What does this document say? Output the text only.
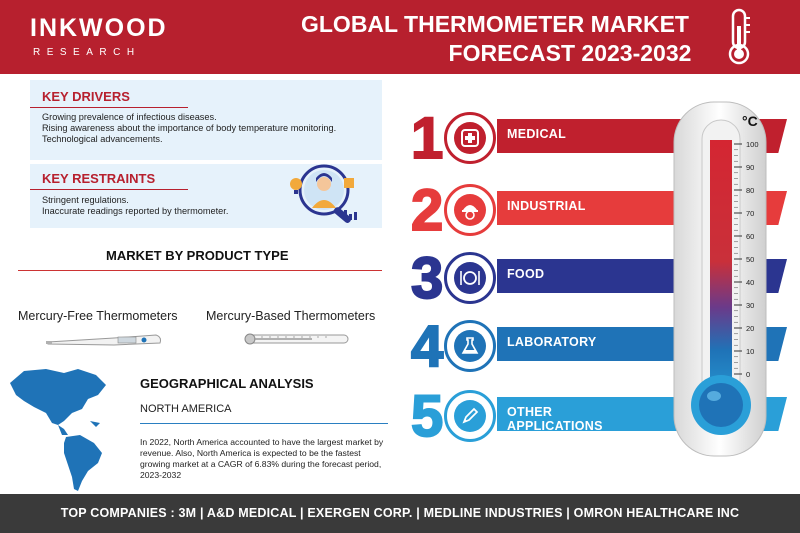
INKWOOD
RESEARCH
GLOBAL THERMOMETER MARKET
FORECAST 2023-2032
KEY DRIVERS
Growing prevalence of infectious diseases.
Rising awareness about the importance of body temperature monitoring.
Technological advancements.
KEY RESTRAINTS
Stringent regulations.
Inaccurate readings reported by thermometer.
MARKET BY PRODUCT TYPE
Mercury-Free Thermometers Mercury-Based Thermometers
GEOGRAPHICAL ANALYSIS
NORTH AMERICA
In 2022, North America accounted to have the largest market by revenue. Also, North America is expected to be the fastest growing market at a CAGR of 6.83% during the forecast period, 2023-2032
1	MEDICAL
2	INDUSTRIAL
3	FOOD
4	LABORATORY
5	OTHER APPLICATIONS
°C
100
90
80
70
60
50
40
30
20
10
0
TOP COMPANIES : 3M | A&D MEDICAL | EXERGEN CORP. | MEDLINE INDUSTRIES | OMRON HEALTHCARE INC
